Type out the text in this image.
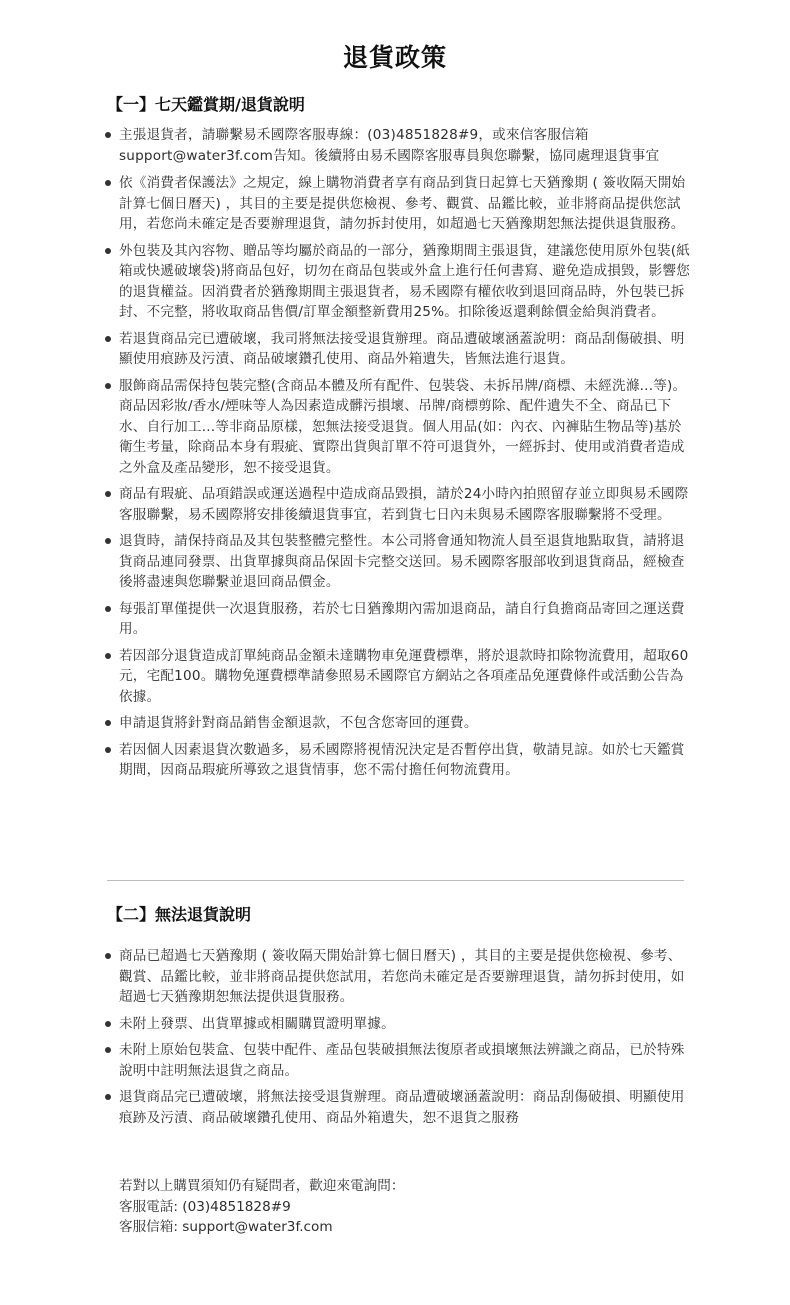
退貨政策
【一】七天鑑賞期/退貨說明
主張退貨者，請聯繫易禾國際客服專線：(03)4851828#9，或來信客服信箱 support@water3f.com告知。後續將由易禾國際客服專員與您聯繫，協同處理退貨事宜
依《消費者保護法》之規定，線上購物消費者享有商品到貨日起算七天猶豫期 ( 簽收隔天開始計算七個日曆天) ，其目的主要是提供您檢視、參考、觀賞、品鑑比較，並非將商品提供您試用，若您尚未確定是否要辦理退貨，請勿拆封使用，如超過七天猶豫期恕無法提供退貨服務。
外包裝及其內容物、贈品等均屬於商品的一部分，猶豫期間主張退貨，建議您使用原外包裝(紙箱或快遞破壞袋)將商品包好，切勿在商品包裝或外盒上進行任何書寫、避免造成損毀，影響您的退貨權益。因消費者於猶豫期間主張退貨者，易禾國際有權依收到退回商品時，外包裝已拆封、不完整，將收取商品售價/訂單金額整新費用25%。扣除後返還剩餘價金給與消費者。
若退貨商品完已遭破壞，我司將無法接受退貨辦理。商品遭破壞涵蓋說明：商品刮傷破損、明顯使用痕跡及污漬、商品破壞鑽孔使用、商品外箱遺失，皆無法進行退貨。
服飾商品需保持包裝完整(含商品本體及所有配件、包裝袋、未拆吊牌/商標、未經洗滌...等)。商品因彩妝/香水/煙味等人為因素造成髒污損壞、吊牌/商標剪除、配件遺失不全、商品已下水、自行加工...等非商品原樣，恕無法接受退貨。個人用品(如：內衣、內褲貼生物品等)基於衛生考量，除商品本身有瑕疵、實際出貨與訂單不符可退貨外，一經拆封、使用或消費者造成之外盒及產品變形，恕不接受退貨。
商品有瑕疵、品項錯誤或運送過程中造成商品毀損，請於24小時內拍照留存並立即與易禾國際客服聯繫，易禾國際將安排後續退貨事宜，若到貨七日內未與易禾國際客服聯繫將不受理。
退貨時，請保持商品及其包裝整體完整性。本公司將會通知物流人員至退貨地點取貨，請將退貨商品連同發票、出貨單據與商品保固卡完整交送回。易禾國際客服部收到退貨商品，經檢查後將盡速與您聯繫並退回商品價金。
每張訂單僅提供一次退貨服務，若於七日猶豫期內需加退商品，請自行負擔商品寄回之運送費用。
若因部分退貨造成訂單純商品金額未達購物車免運費標準，將於退款時扣除物流費用，超取60元，宅配100。購物免運費標準請參照易禾國際官方網站之各項產品免運費條件或活動公告為依據。
申請退貨將針對商品銷售金額退款，不包含您寄回的運費。
若因個人因素退貨次數過多，易禾國際將視情況決定是否暫停出貨，敬請見諒。如於七天鑑賞期間，因商品瑕疵所導致之退貨情事，您不需付擔任何物流費用。
【二】無法退貨說明
商品已超過七天猶豫期 ( 簽收隔天開始計算七個日曆天) ，其目的主要是提供您檢視、參考、觀賞、品鑑比較，並非將商品提供您試用，若您尚未確定是否要辦理退貨，請勿拆封使用，如超過七天猶豫期恕無法提供退貨服務。
未附上發票、出貨單據或相關購買證明單據。
未附上原始包裝盒、包裝中配件、產品包裝破損無法復原者或損壞無法辨識之商品，已於特殊說明中註明無法退貨之商品。
退貨商品完已遭破壞，將無法接受退貨辦理。商品遭破壞涵蓋說明：商品刮傷破損、明顯使用痕跡及污漬、商品破壞鑽孔使用、商品外箱遺失，恕不退貨之服務
若對以上購買須知仍有疑問者，歡迎來電詢問：
客服電話: (03)4851828#9
客服信箱: support@water3f.com
